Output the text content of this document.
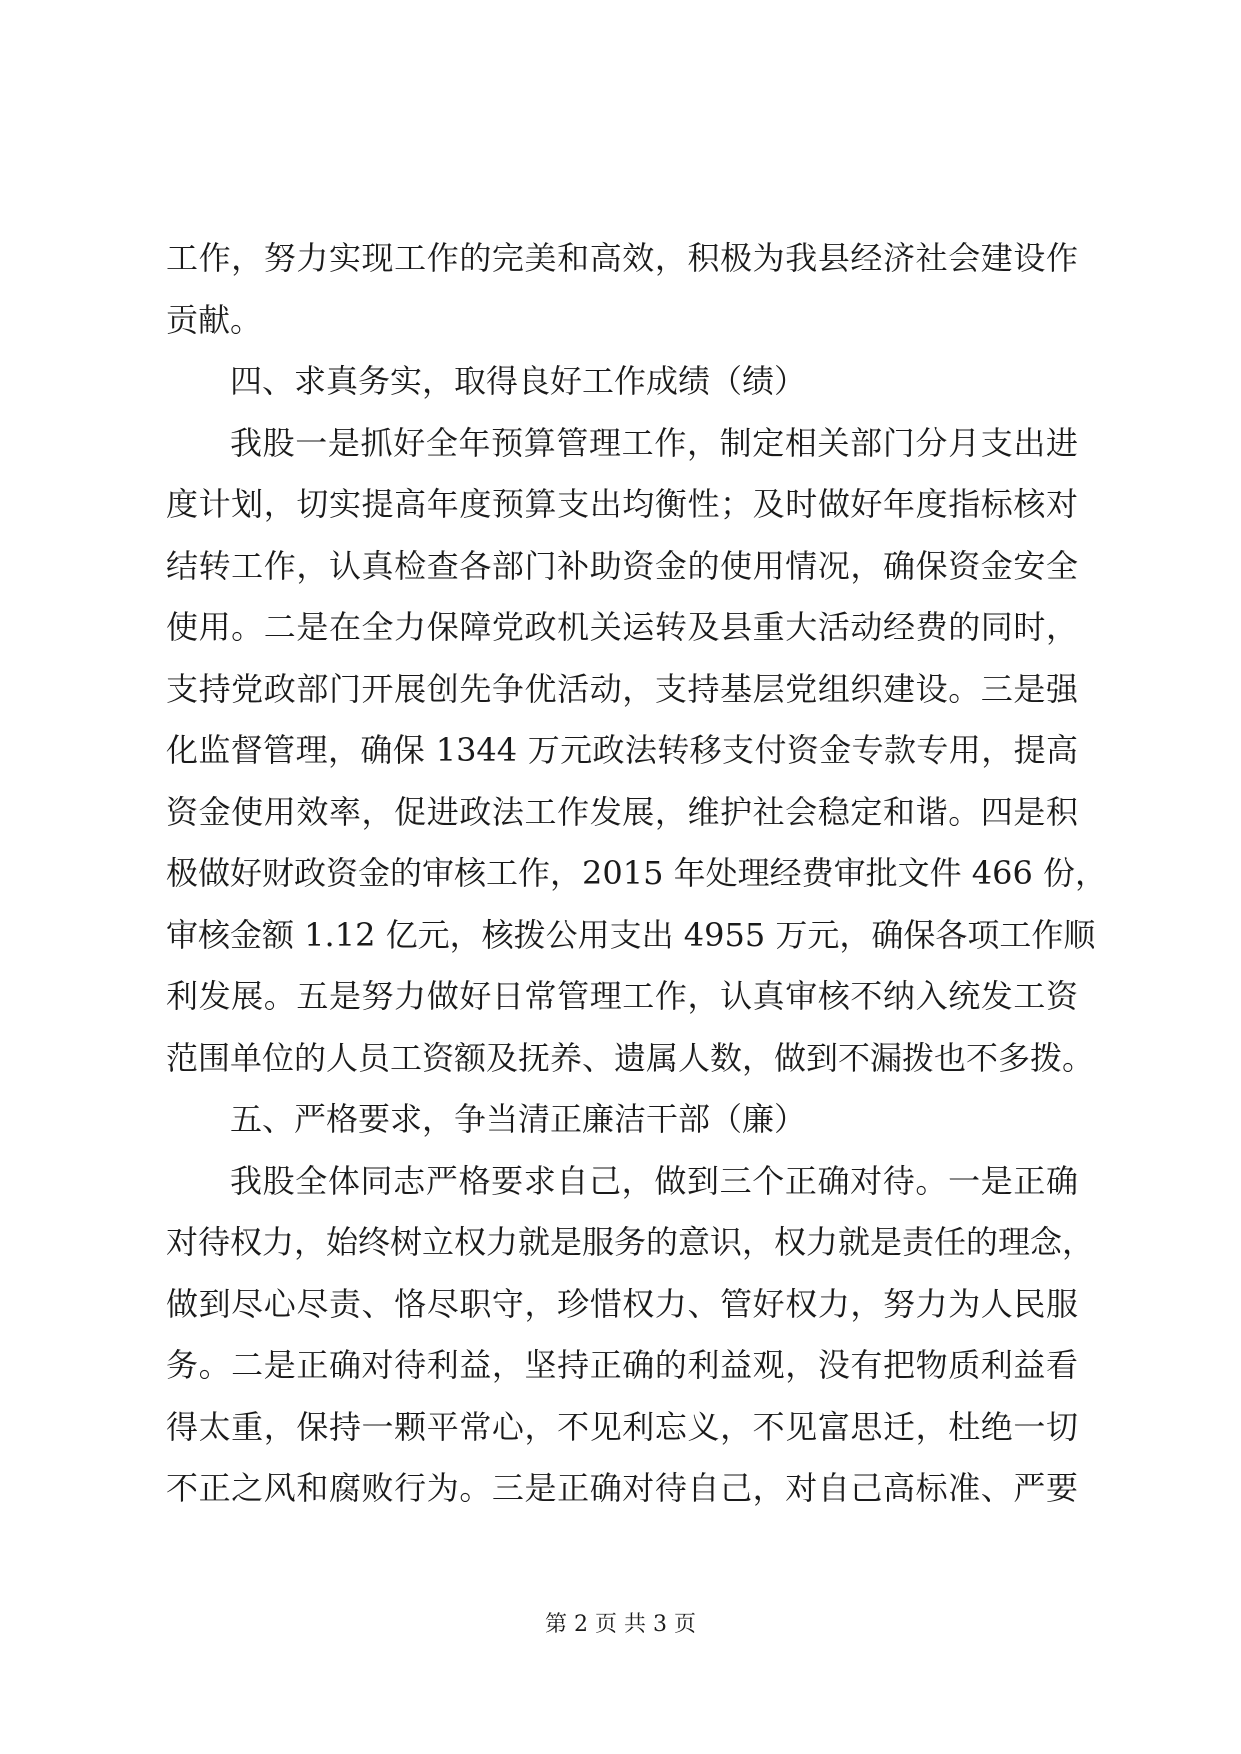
工作，努力实现工作的完美和高效，积极为我县经济社会建设作
贡献。
四、求真务实，取得良好工作成绩（绩）
我股一是抓好全年预算管理工作，制定相关部门分月支出进
度计划，切实提高年度预算支出均衡性；及时做好年度指标核对
结转工作，认真检查各部门补助资金的使用情况，确保资金安全
使用。二是在全力保障党政机关运转及县重大活动经费的同时，
支持党政部门开展创先争优活动，支持基层党组织建设。三是强
化监督管理，确保 1344 万元政法转移支付资金专款专用，提高
资金使用效率，促进政法工作发展，维护社会稳定和谐。四是积
极做好财政资金的审核工作，2015 年处理经费审批文件 466 份，
审核金额 1.12 亿元，核拨公用支出 4955 万元，确保各项工作顺
利发展。五是努力做好日常管理工作，认真审核不纳入统发工资
范围单位的人员工资额及抚养、遗属人数，做到不漏拨也不多拨。
五、严格要求，争当清正廉洁干部（廉）
我股全体同志严格要求自己，做到三个正确对待。一是正确
对待权力，始终树立权力就是服务的意识，权力就是责任的理念，
做到尽心尽责、恪尽职守，珍惜权力、管好权力，努力为人民服
务。二是正确对待利益，坚持正确的利益观，没有把物质利益看
得太重，保持一颗平常心，不见利忘义，不见富思迁，杜绝一切
不正之风和腐败行为。三是正确对待自己，对自己高标准、严要
第 2 页 共 3 页
